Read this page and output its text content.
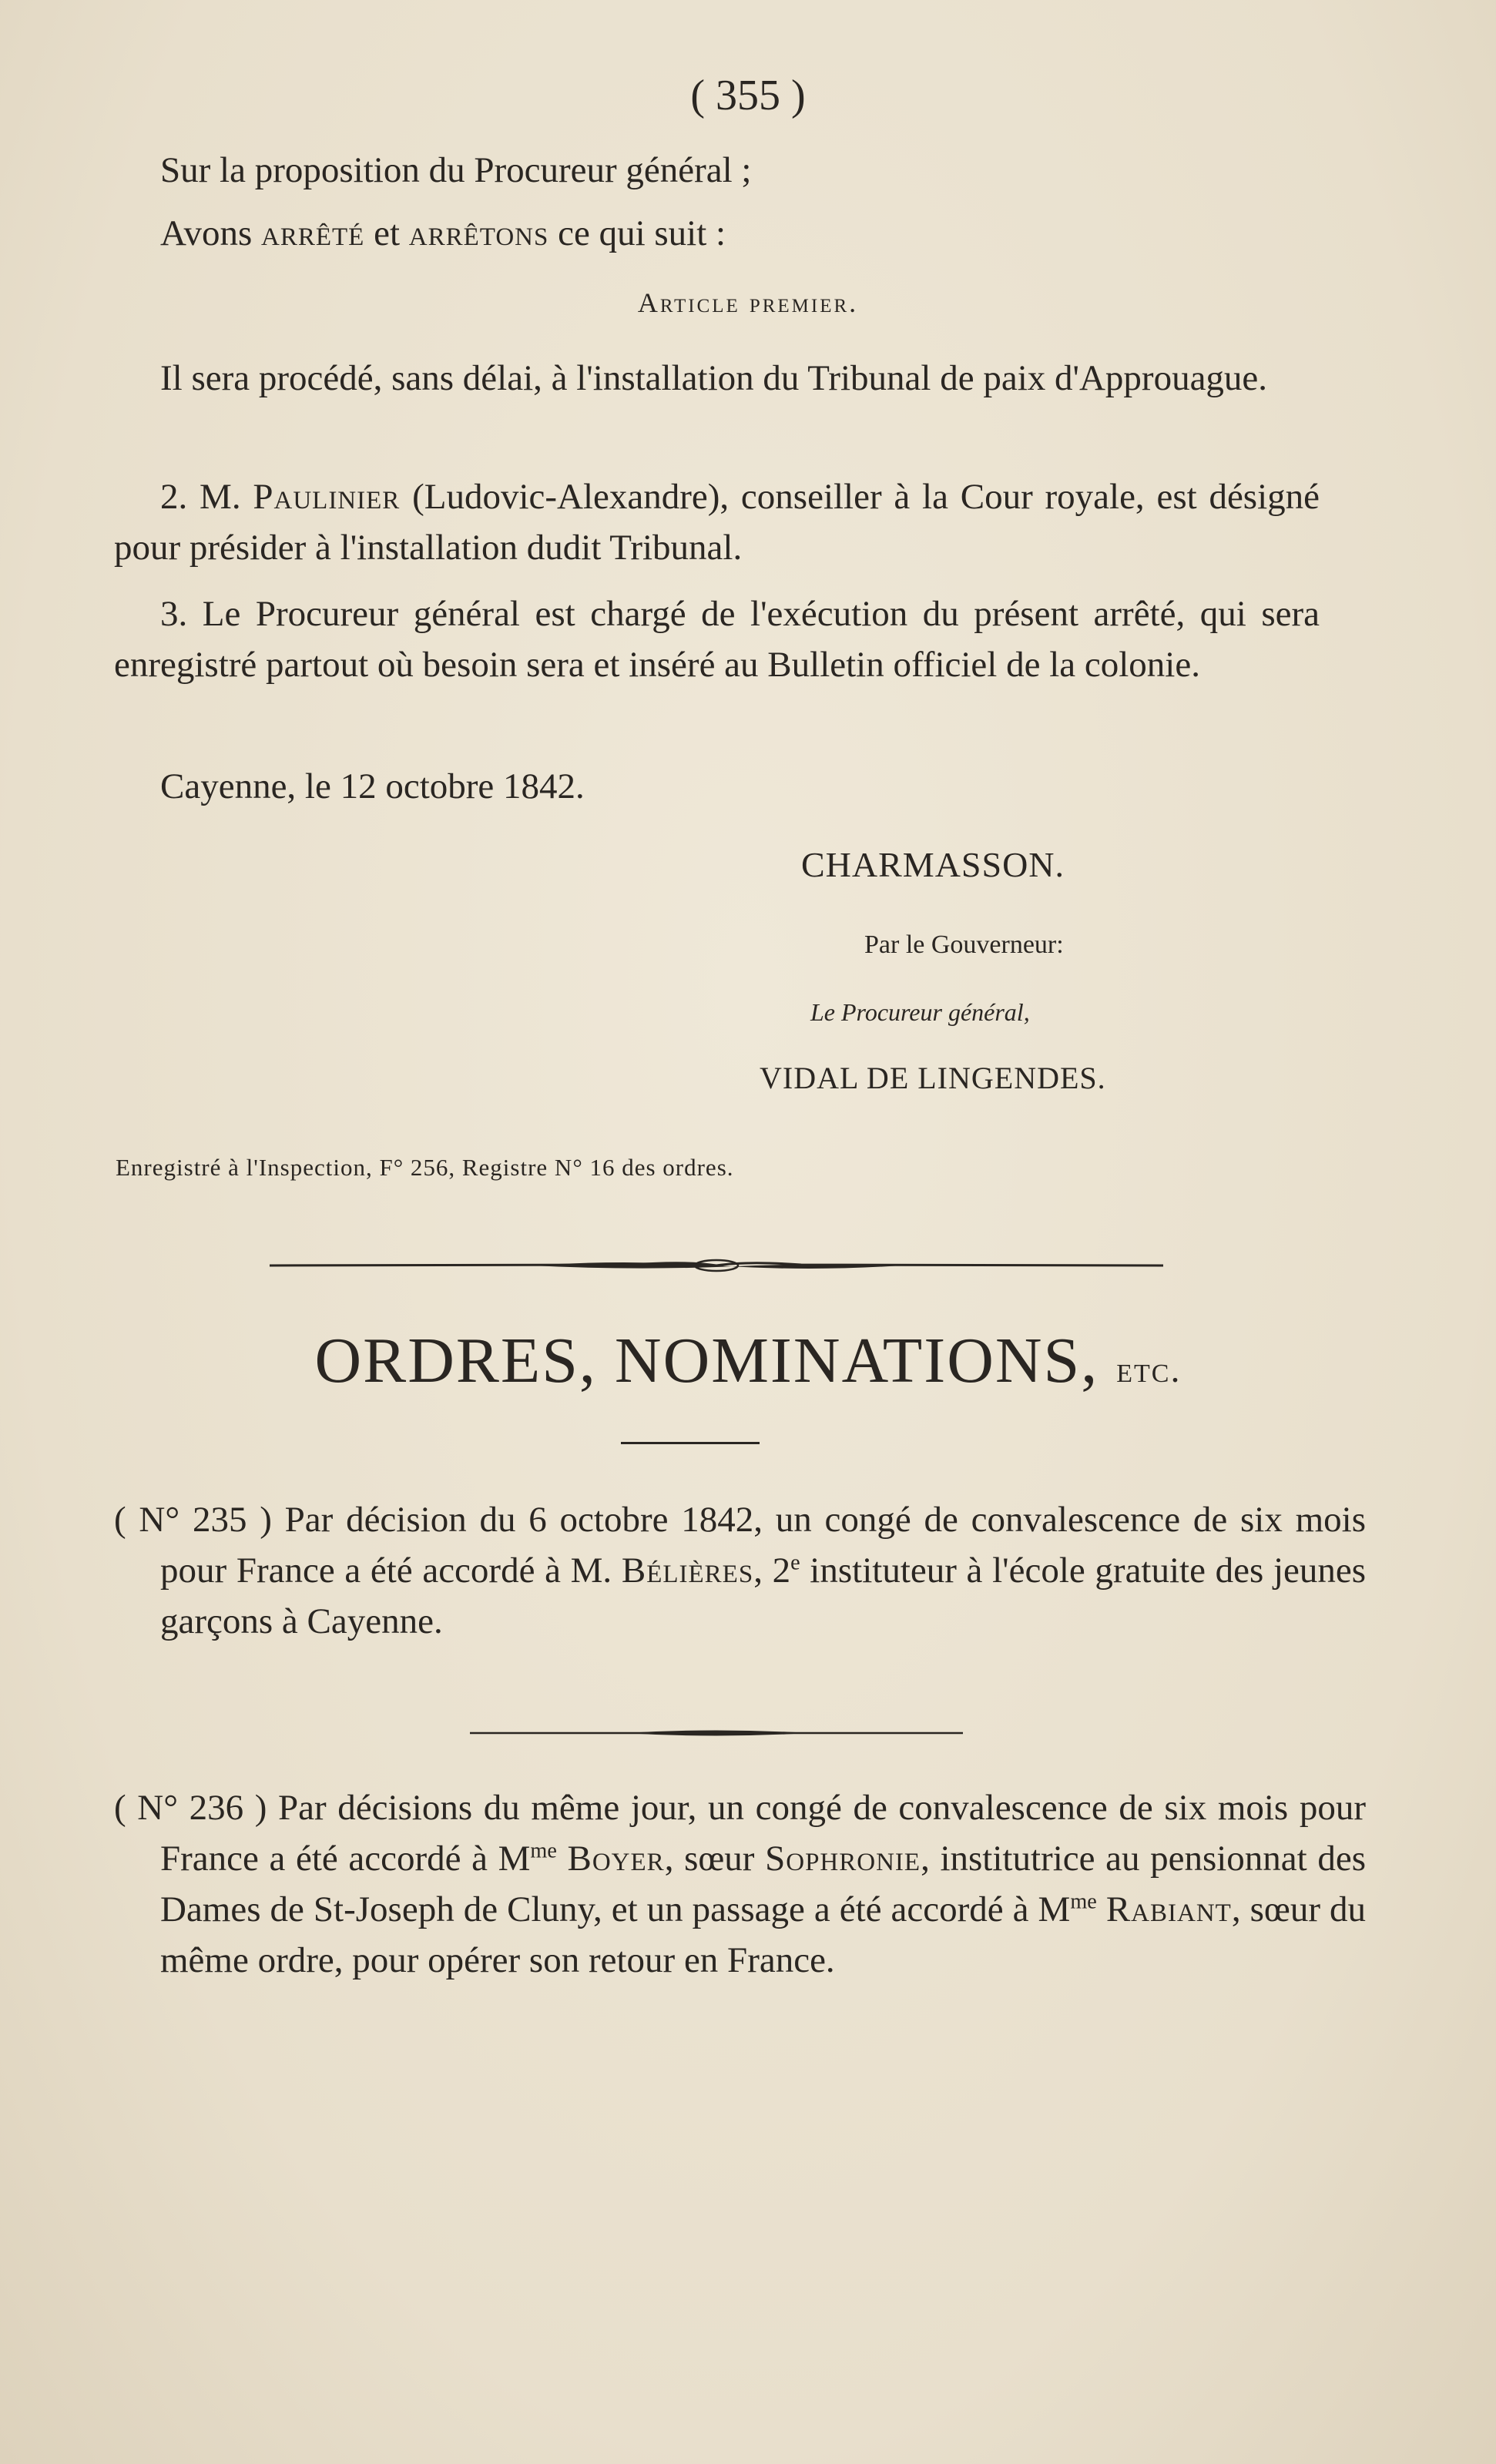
( 355 )

Sur la proposition du Procureur général ;

Avons arrêté et arrêtons ce qui suit :

Article premier.

Il sera procédé, sans délai, à l'installation du Tribunal de paix d'Approuague.

2. M. Paulinier (Ludovic-Alexandre), conseiller à la Cour royale, est désigné pour présider à l'installation dudit Tribunal.

3. Le Procureur général est chargé de l'exécution du présent arrêté, qui sera enregistré partout où besoin sera et inséré au Bulletin officiel de la colonie.

Cayenne, le 12 octobre 1842.

CHARMASSON.
Par le Gouverneur:
Le Procureur général,
VIDAL DE LINGENDES.
Enregistré à l'Inspection, F° 256, Registre N° 16 des ordres.
ORDRES, NOMINATIONS, etc.

( N° 235 ) Par décision du 6 octobre 1842, un congé de convalescence de six mois pour France a été accordé à M. Bélières, 2e instituteur à l'école gratuite des jeunes garçons à Cayenne.

( N° 236 ) Par décisions du même jour, un congé de convalescence de six mois pour France a été accordé à $M^{me}$ Boyer, sœur Sophronie, institutrice au pensionnat des Dames de St-Joseph de Cluny, et un passage a été accordé à $M^{me}$ Rabiant, sœur du même ordre, pour opérer son retour en France.
